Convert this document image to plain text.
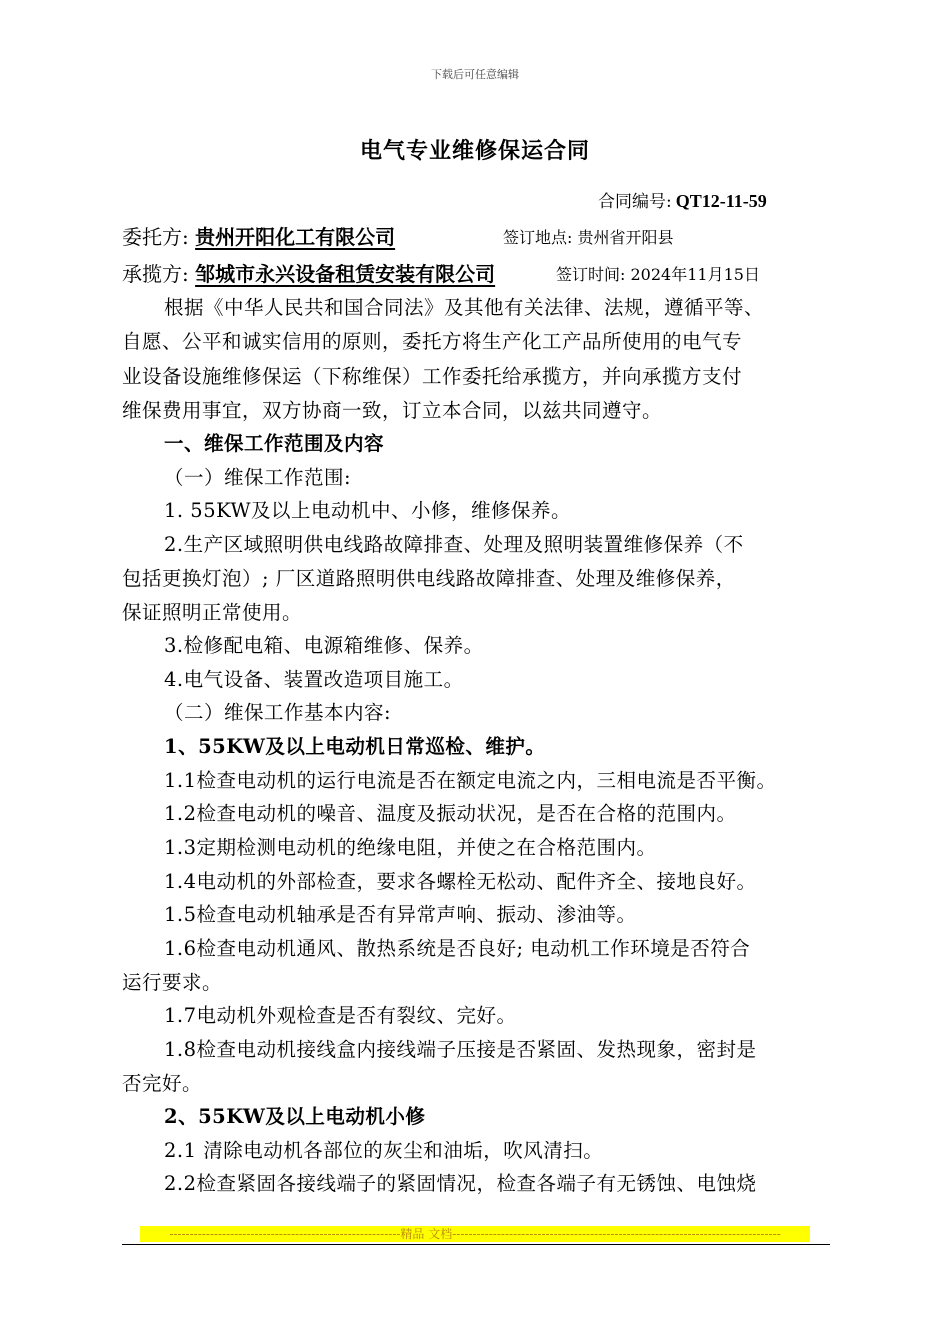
下载后可任意编辑
电气专业维修保运合同
合同编号: QT12-11-59
委托方: 贵州开阳化工有限公司	签订地点: 贵州省开阳县
承揽方: 邹城市永兴设备租赁安装有限公司	签订时间: 2024年11月15日
根据《中华人民共和国合同法》及其他有关法律、法规，遵循平等、
自愿、公平和诚实信用的原则，委托方将生产化工产品所使用的电气专
业设备设施维修保运（下称维保）工作委托给承揽方，并向承揽方支付
维保费用事宜，双方协商一致，订立本合同，以兹共同遵守。
一、维保工作范围及内容
（一）维保工作范围:
1. 55KW及以上电动机中、小修，维修保养。
2.生产区域照明供电线路故障排查、处理及照明装置维修保养（不
包括更换灯泡）; 厂区道路照明供电线路故障排查、处理及维修保养，
保证照明正常使用。
3.检修配电箱、电源箱维修、保养。
4.电气设备、装置改造项目施工。
（二）维保工作基本内容:
1、55KW及以上电动机日常巡检、维护。
1.1检查电动机的运行电流是否在额定电流之内，三相电流是否平衡。
1.2检查电动机的噪音、温度及振动状况，是否在合格的范围内。
1.3定期检测电动机的绝缘电阻，并使之在合格范围内。
1.4电动机的外部检查，要求各螺栓无松动、配件齐全、接地良好。
1.5检查电动机轴承是否有异常声响、振动、渗油等。
1.6检查电动机通风、散热系统是否良好; 电动机工作环境是否符合
运行要求。
1.7电动机外观检查是否有裂纹、完好。
1.8检查电动机接线盒内接线端子压接是否紧固、发热现象，密封是
否完好。
2、55KW及以上电动机小修
2.1 清除电动机各部位的灰尘和油垢，吹风清扫。
2.2检查紧固各接线端子的紧固情况，检查各端子有无锈蚀、电蚀烧
---------------------------------------------------------精品 文档---------------------------------------------------------------------------------
